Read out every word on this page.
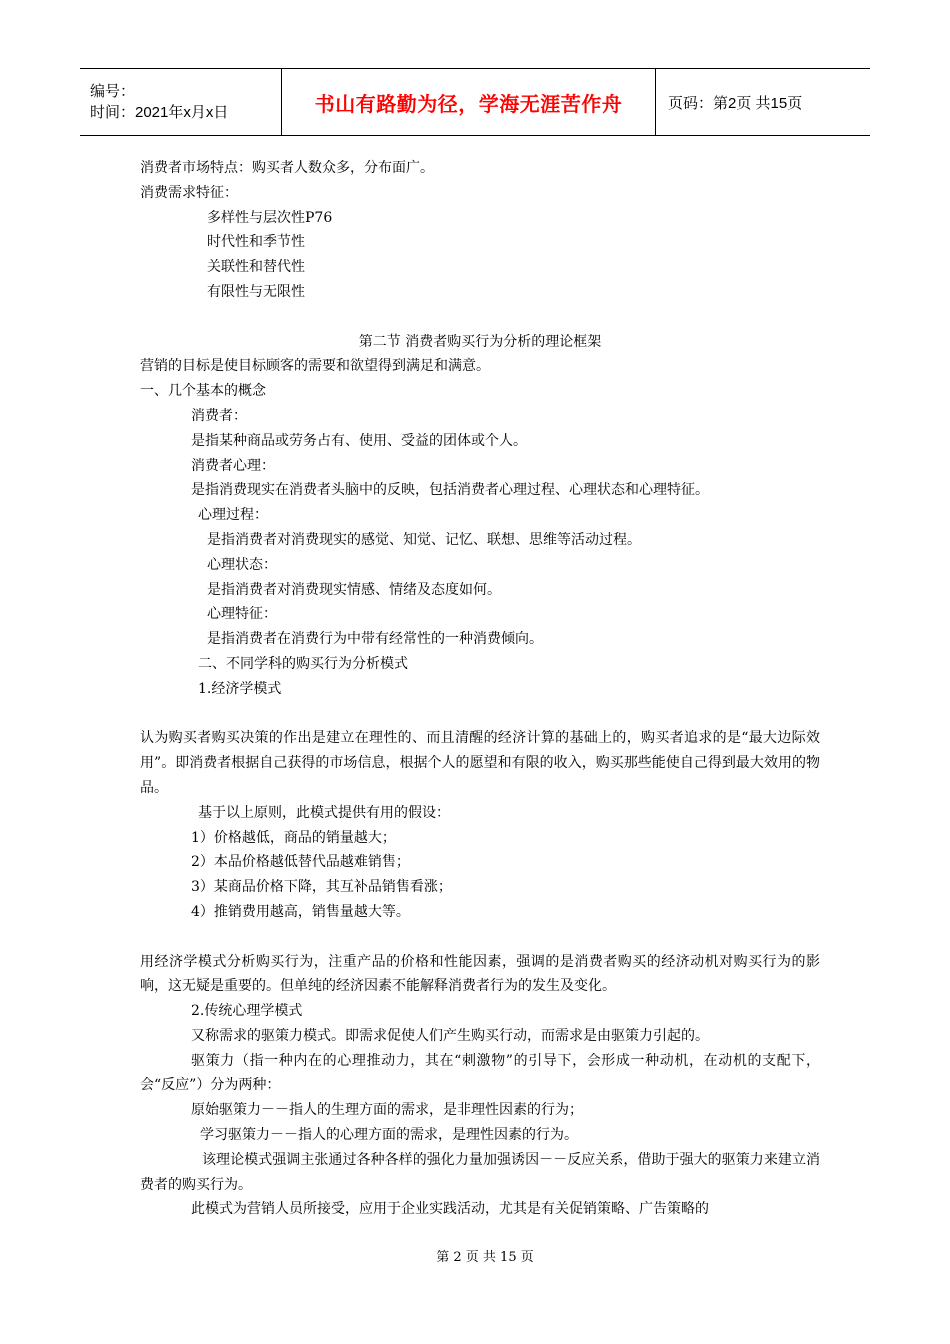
编号：
时间：2021年x月x日	书山有路勤为径，学海无涯苦作舟	页码：第2页 共15页
消费者市场特点：购买者人数众多，分布面广。
消费需求特征：
多样性与层次性P76
时代性和季节性
关联性和替代性
有限性与无限性
第二节 消费者购买行为分析的理论框架
营销的目标是使目标顾客的需要和欲望得到满足和满意。
一、几个基本的概念
消费者：
是指某种商品或劳务占有、使用、受益的团体或个人。
消费者心理：
是指消费现实在消费者头脑中的反映，包括消费者心理过程、心理状态和心理特征。
心理过程：
是指消费者对消费现实的感觉、知觉、记忆、联想、思维等活动过程。
心理状态：
是指消费者对消费现实情感、情绪及态度如何。
心理特征：
是指消费者在消费行为中带有经常性的一种消费倾向。
二、不同学科的购买行为分析模式
1.经济学模式
认为购买者购买决策的作出是建立在理性的、而且清醒的经济计算的基础上的，购买者追求的是“最大边际效用”。即消费者根据自己获得的市场信息，根据个人的愿望和有限的收入，购买那些能使自己得到最大效用的物品。
基于以上原则，此模式提供有用的假设：
1）价格越低，商品的销量越大；
2）本品价格越低替代品越难销售；
3）某商品价格下降，其互补品销售看涨；
4）推销费用越高，销售量越大等。
用经济学模式分析购买行为，注重产品的价格和性能因素，强调的是消费者购买的经济动机对购买行为的影响，这无疑是重要的。但单纯的经济因素不能解释消费者行为的发生及变化。
2.传统心理学模式
又称需求的驱策力模式。即需求促使人们产生购买行动，而需求是由驱策力引起的。
驱策力（指一种内在的心理推动力，其在“刺激物”的引导下，会形成一种动机，在动机的支配下，会“反应”）分为两种：
原始驱策力－－指人的生理方面的需求，是非理性因素的行为；
学习驱策力－－指人的心理方面的需求，是理性因素的行为。
该理论模式强调主张通过各种各样的强化力量加强诱因－－反应关系，借助于强大的驱策力来建立消费者的购买行为。
此模式为营销人员所接受，应用于企业实践活动，尤其是有关促销策略、广告策略的
第 2 页 共 15 页
